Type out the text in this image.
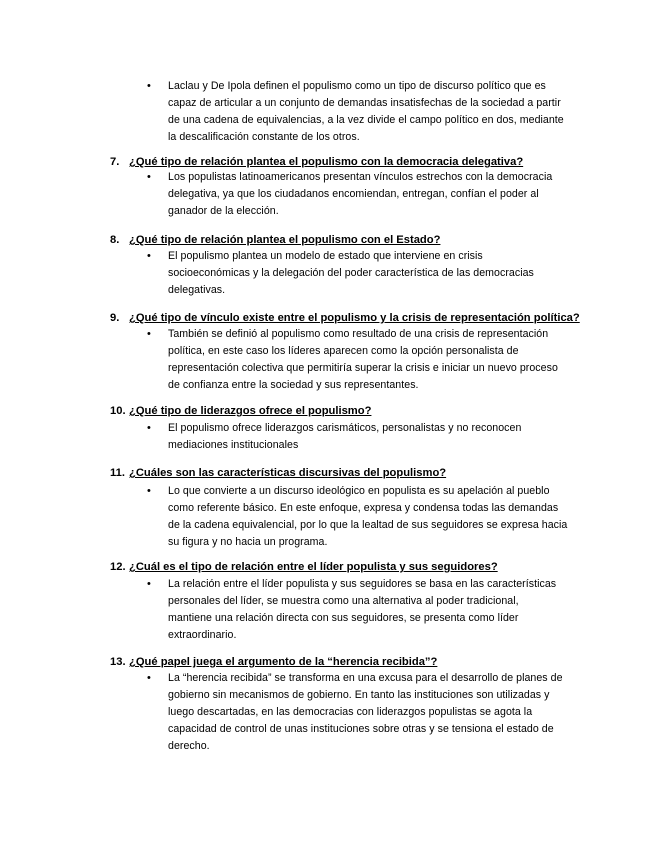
• Laclau y De Ipola definen el populismo como un tipo de discurso político que es
capaz de articular a un conjunto de demandas insatisfechas de la sociedad a partir
de una cadena de equivalencias, a la vez divide el campo político en dos, mediante
la descalificación constante de los otros.
7. ¿Qué tipo de relación plantea el populismo con la democracia delegativa?
• Los populistas latinoamericanos presentan vínculos estrechos con la democracia
delegativa, ya que los ciudadanos encomiendan, entregan, confían el poder al
ganador de la elección.
8. ¿Qué tipo de relación plantea el populismo con el Estado?
• El populismo plantea un modelo de estado que interviene en crisis
socioeconómicas y la delegación del poder característica de las democracias
delegativas.
9. ¿Qué tipo de vínculo existe entre el populismo y la crisis de representación política?
• También se definió al populismo como resultado de una crisis de representación
política, en este caso los líderes aparecen como la opción personalista de
representación colectiva que permitiría superar la crisis e iniciar un nuevo proceso
de confianza entre la sociedad y sus representantes.
10. ¿Qué tipo de liderazgos ofrece el populismo?
• El populismo ofrece liderazgos carismáticos, personalistas y no reconocen
mediaciones institucionales
11. ¿Cuáles son las características discursivas del populismo?
• Lo que convierte a un discurso ideológico en populista es su apelación al pueblo
como referente básico. En este enfoque, expresa y condensa todas las demandas
de la cadena equivalencial, por lo que la lealtad de sus seguidores se expresa hacia
su figura y no hacia un programa.
12. ¿Cuál es el tipo de relación entre el líder populista y sus seguidores?
• La relación entre el líder populista y sus seguidores se basa en las características
personales del líder, se muestra como una alternativa al poder tradicional,
mantiene una relación directa con sus seguidores, se presenta como líder
extraordinario.
13. ¿Qué papel juega el argumento de la “herencia recibida”?
• La “herencia recibida” se transforma en una excusa para el desarrollo de planes de
gobierno sin mecanismos de gobierno. En tanto las instituciones son utilizadas y
luego descartadas, en las democracias con liderazgos populistas se agota la
capacidad de control de unas instituciones sobre otras y se tensiona el estado de
derecho.
